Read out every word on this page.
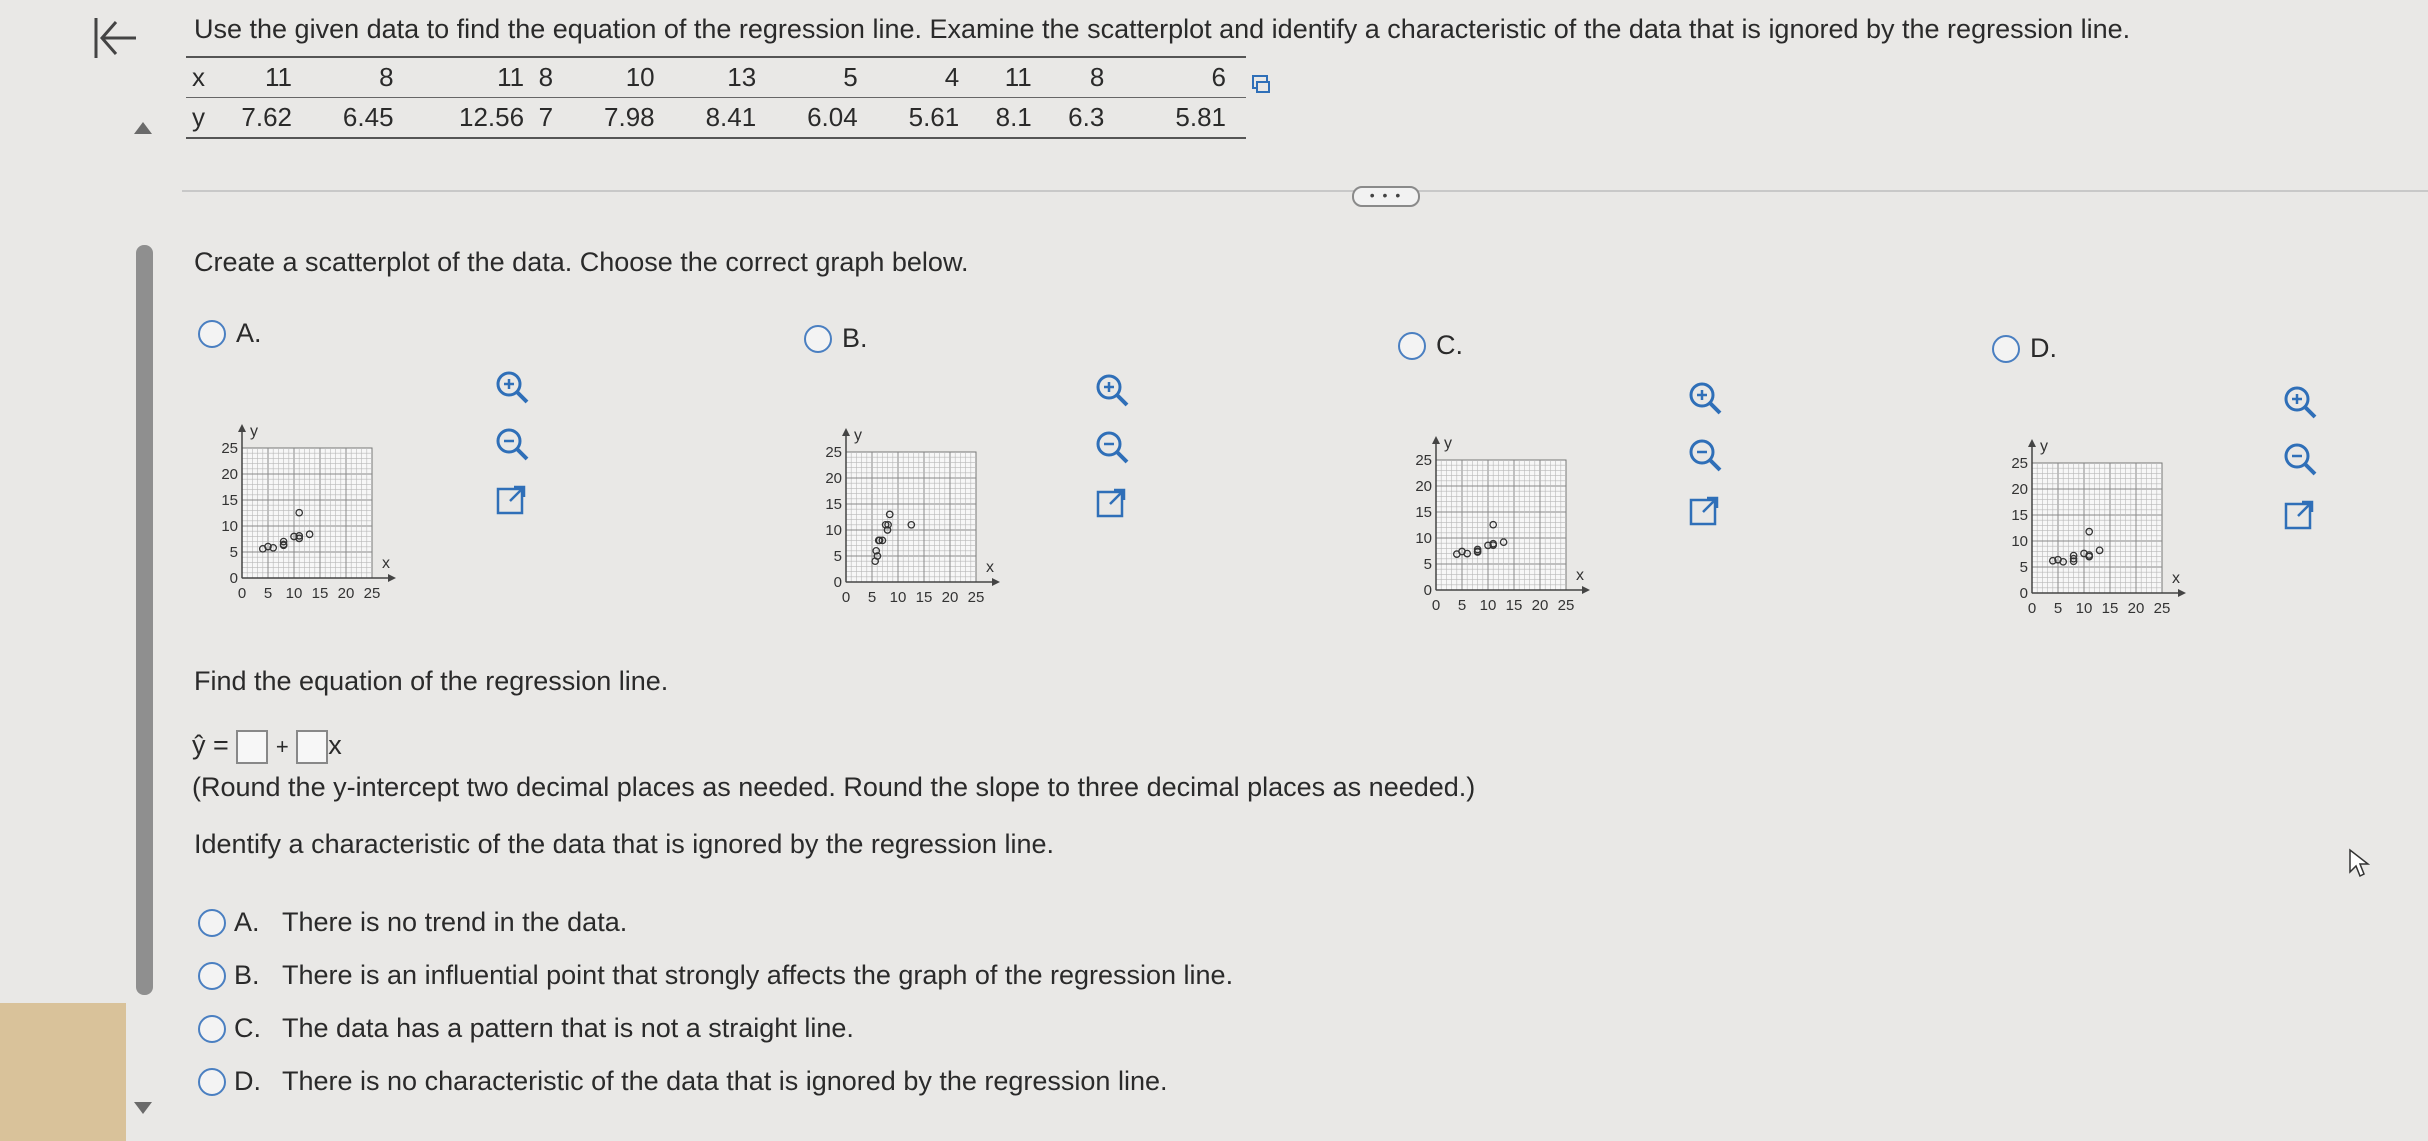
Use the given data to find the equation of the regression line. Examine the scatterplot and identify a characteristic of the data that is ignored by the regression line.
x	11	8	11	8	10	13	5	4	11	8	6
y	7.62	6.45	12.56	7	7.98	8.41	6.04	5.61	8.1	6.3	5.81
• • •
Create a scatterplot of the data. Choose the correct graph below.
A.	B.	C.	D.
y
x
0
5
10
15
20
25
0 5 10 15 20 25
y
x
0
5
10
15
20
25
0 5 10 15 20 25
y
x
0
5
10
15
20
25
0 5 10 15 20 25
y
x
0
5
10
15
20
25
0 5 10 15 20 25
Find the equation of the regression line.
ŷ = + x
(Round the y-intercept two decimal places as needed. Round the slope to three decimal places as needed.)
Identify a characteristic of the data that is ignored by the regression line.
A. There is no trend in the data.
B. There is an influential point that strongly affects the graph of the regression line.
C. The data has a pattern that is not a straight line.
D. There is no characteristic of the data that is ignored by the regression line.
